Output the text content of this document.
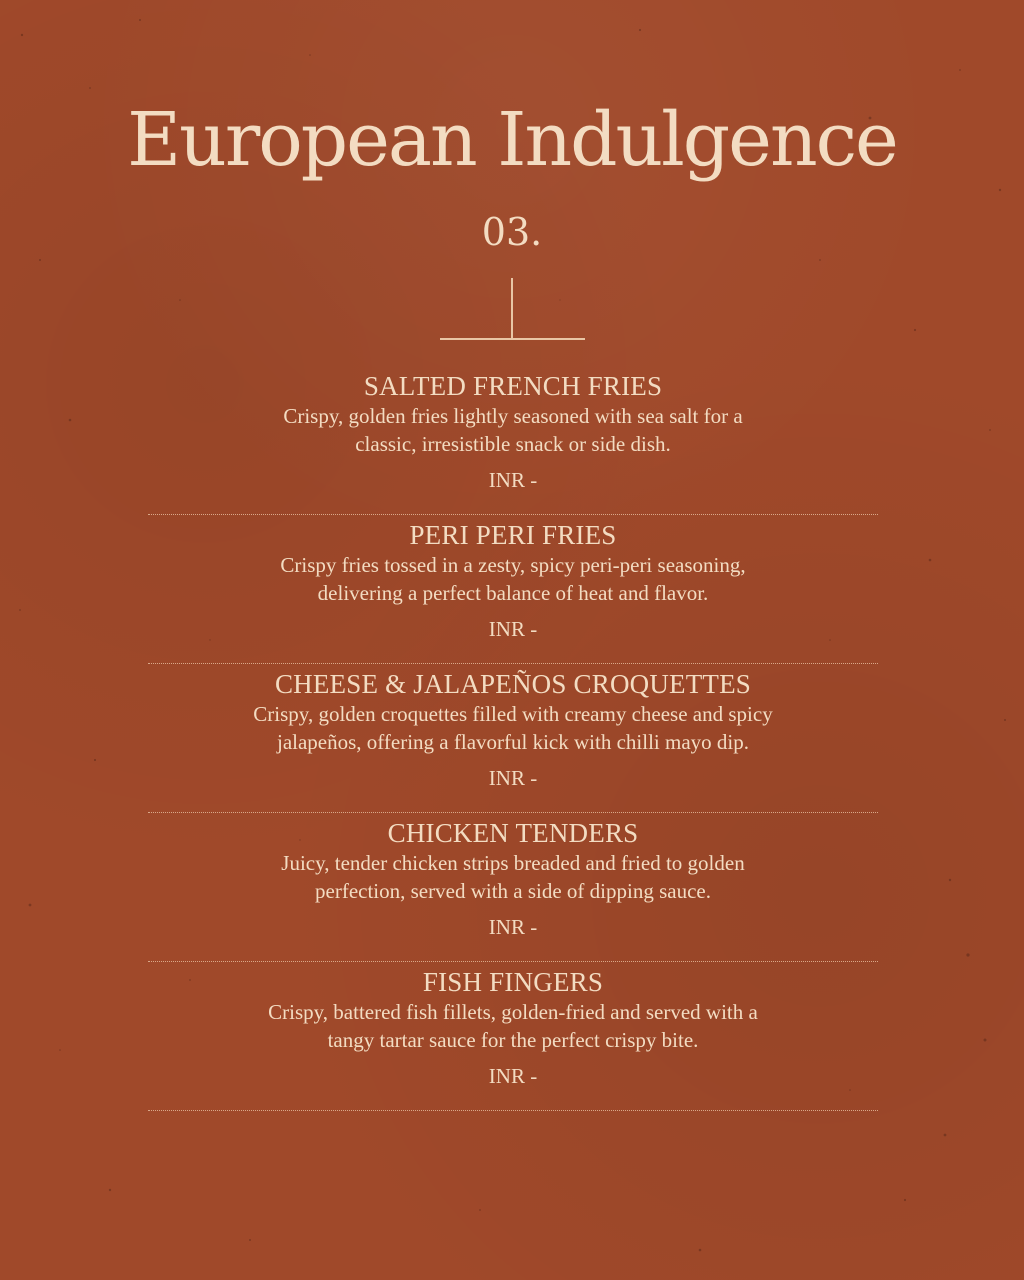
European Indulgence
03.
SALTED FRENCH FRIES
Crispy, golden fries lightly seasoned with sea salt for a
classic, irresistible snack or side dish.
INR -
PERI PERI FRIES
Crispy fries tossed in a zesty, spicy peri-peri seasoning,
delivering a perfect balance of heat and flavor.
INR -
CHEESE & JALAPEÑOS CROQUETTES
Crispy, golden croquettes filled with creamy cheese and spicy
jalapeños, offering a flavorful kick with chilli mayo dip.
INR -
CHICKEN TENDERS
Juicy, tender chicken strips breaded and fried to golden
perfection, served with a side of dipping sauce.
INR -
FISH FINGERS
Crispy, battered fish fillets, golden-fried and served with a
tangy tartar sauce for the perfect crispy bite.
INR -
